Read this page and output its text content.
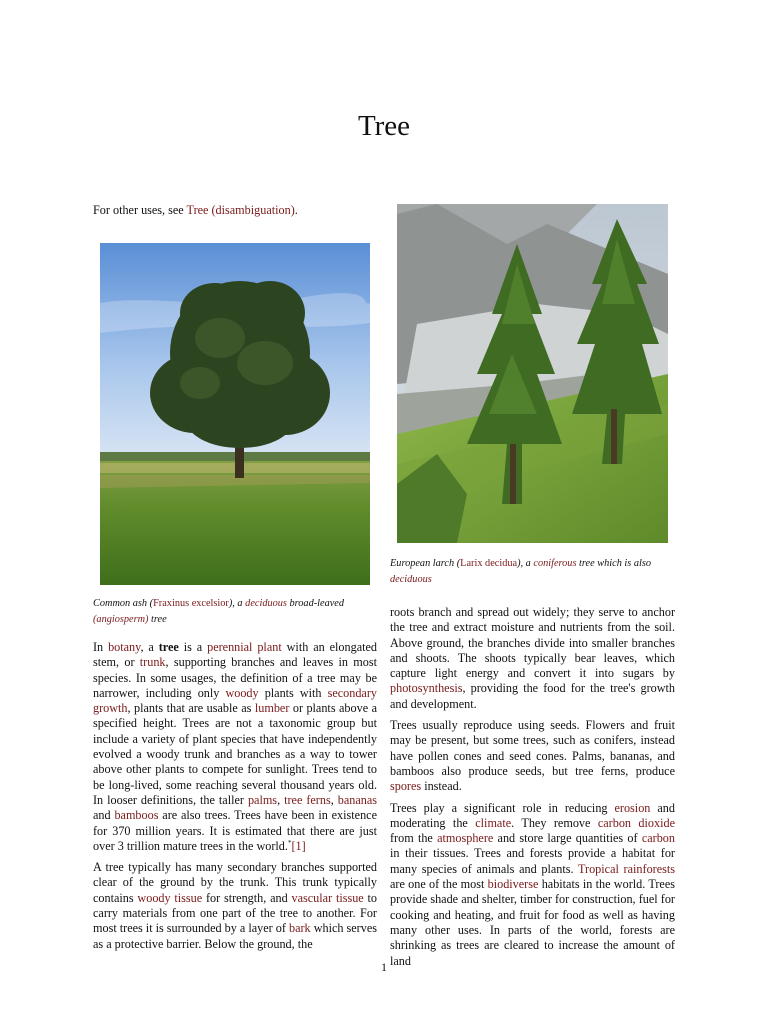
Tree
For other uses, see Tree (disambiguation).
Common ash (Fraxinus excelsior), a deciduous broad-leaved (angiosperm) tree
European larch (Larix decidua), a coniferous tree which is also deciduous

In botany, a tree is a perennial plant with an elongated stem, or trunk, supporting branches and leaves in most species. In some usages, the definition of a tree may be narrower, including only woody plants with secondary growth, plants that are usable as lumber or plants above a specified height. Trees are not a taxonomic group but include a variety of plant species that have independently evolved a woody trunk and branches as a way to tower above other plants to compete for sunlight. Trees tend to be long-lived, some reaching several thousand years old. In looser definitions, the taller palms, tree ferns, bananas and bamboos are also trees. Trees have been in existence for 370 million years. It is estimated that there are just over 3 trillion mature trees in the world.*[1]

A tree typically has many secondary branches supported clear of the ground by the trunk. This trunk typically contains woody tissue for strength, and vascular tissue to carry materials from one part of the tree to another. For most trees it is surrounded by a layer of bark which serves as a protective barrier. Below the ground, the

roots branch and spread out widely; they serve to anchor the tree and extract moisture and nutrients from the soil. Above ground, the branches divide into smaller branches and shoots. The shoots typically bear leaves, which capture light energy and convert it into sugars by photosynthesis, providing the food for the tree's growth and development.

Trees usually reproduce using seeds. Flowers and fruit may be present, but some trees, such as conifers, instead have pollen cones and seed cones. Palms, bananas, and bamboos also produce seeds, but tree ferns, produce spores instead.

Trees play a significant role in reducing erosion and moderating the climate. They remove carbon dioxide from the atmosphere and store large quantities of carbon in their tissues. Trees and forests provide a habitat for many species of animals and plants. Tropical rainforests are one of the most biodiverse habitats in the world. Trees provide shade and shelter, timber for construction, fuel for cooking and heating, and fruit for food as well as having many other uses. In parts of the world, forests are shrinking as trees are cleared to increase the amount of land

1
